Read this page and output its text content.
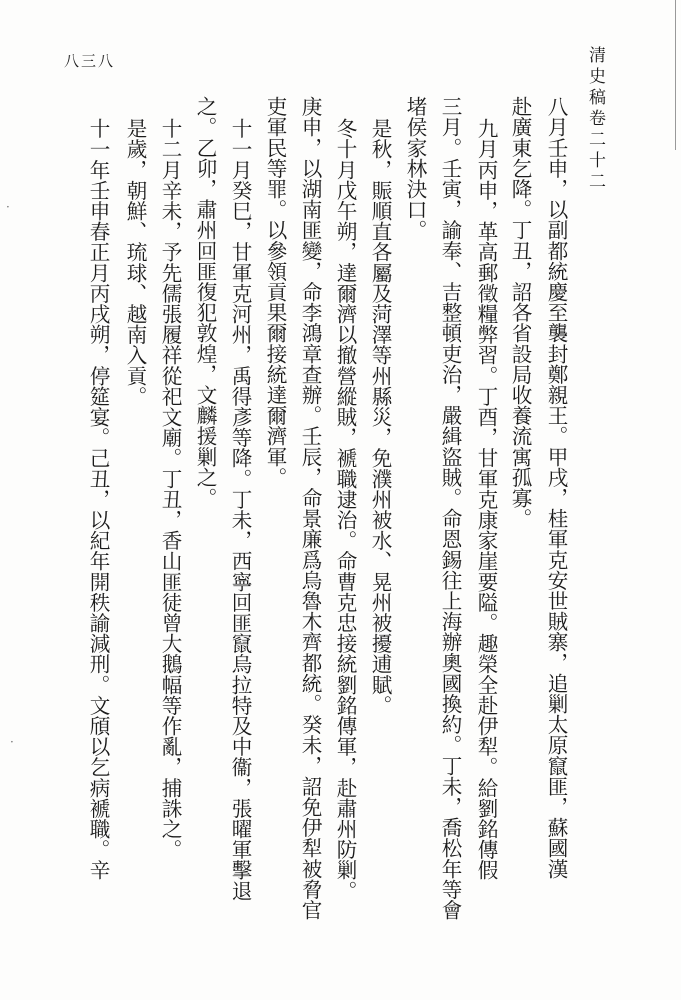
清史稿卷二十二
八三八
八月壬申，以副都統慶至襲封鄭親王。甲戌，桂軍克安世賊寨，追剿太原竄匪，蘇國漢
赴廣東乞降。丁丑，詔各省設局收養流寓孤寡。
九月丙申，革高郵徵糧弊習。丁酉，甘軍克康家崖要隘。趣榮全赴伊犁。給劉銘傳假
三月。壬寅，諭奉、吉整頓吏治，嚴緝盜賊。命恩錫往上海辦奧國換約。丁未，喬松年等會
堵侯家林決口。
是秋，賑順直各屬及菏澤等州縣災，免濮州被水、晃州被擾逋賦。
冬十月戊午朔，達爾濟以撤營縱賊，褫職逮治。命曹克忠接統劉銘傳軍，赴肅州防剿。
庚申，以湖南匪變，命李鴻章查辦。壬辰，命景廉爲烏魯木齊都統。癸未，詔免伊犁被脅官
吏軍民等罪。以參領貢果爾接統達爾濟軍。
十一月癸巳，甘軍克河州，禹得彥等降。丁未，西寧回匪竄烏拉特及中衞，張曜軍擊退
之。乙卯，肅州回匪復犯敦煌，文麟援剿之。
十二月辛未，予先儒張履祥從祀文廟。丁丑，香山匪徒曾大鵝幅等作亂，捕誅之。
是歲，朝鮮、琉球、越南入貢。
十一年壬申春正月丙戌朔，停筵宴。己丑，以紀年開秩諭減刑。文頎以乞病褫職。辛
·
·
